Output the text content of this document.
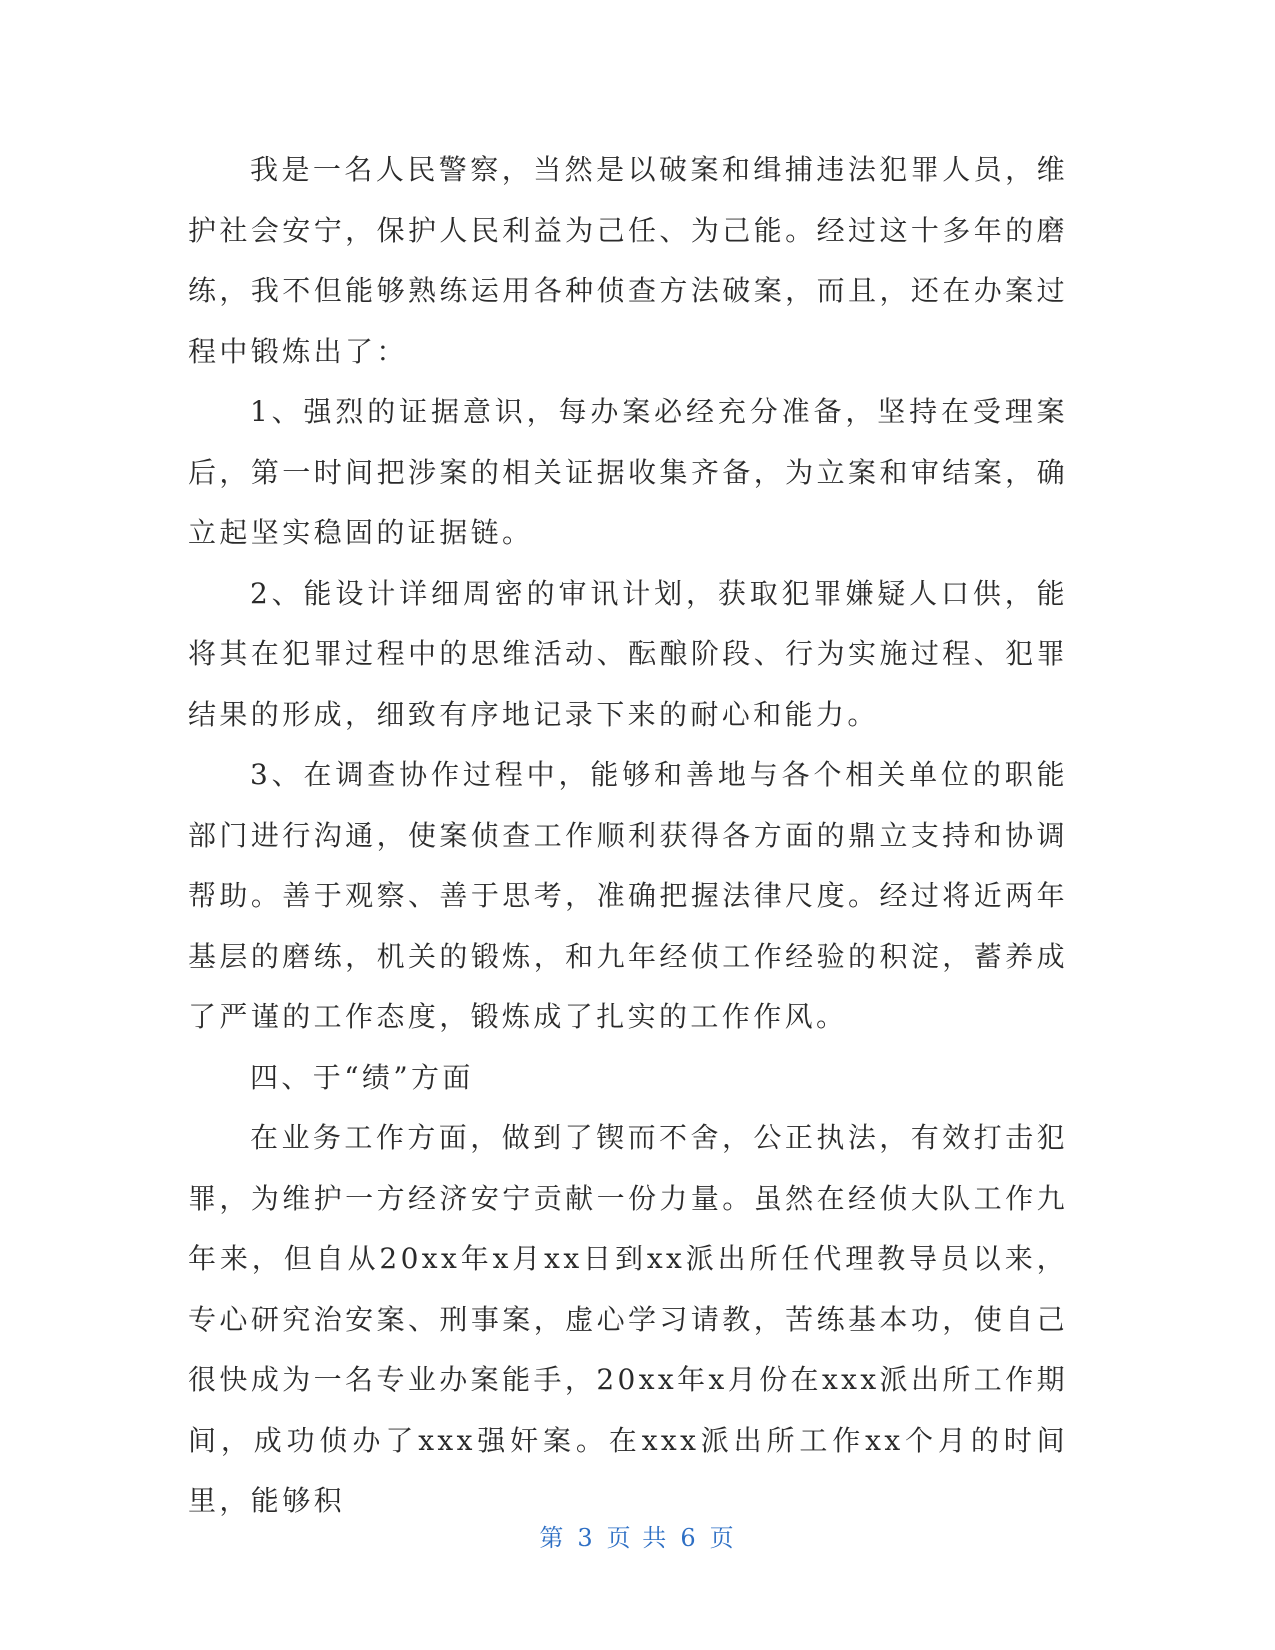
我是一名人民警察，当然是以破案和缉捕违法犯罪人员，维护社会安宁，保护人民利益为己任、为己能。经过这十多年的磨练，我不但能够熟练运用各种侦查方法破案，而且，还在办案过程中锻炼出了：

1、强烈的证据意识，每办案必经充分准备，坚持在受理案后，第一时间把涉案的相关证据收集齐备，为立案和审结案，确立起坚实稳固的证据链。

2、能设计详细周密的审讯计划，获取犯罪嫌疑人口供，能将其在犯罪过程中的思维活动、酝酿阶段、行为实施过程、犯罪结果的形成，细致有序地记录下来的耐心和能力。

3、在调查协作过程中，能够和善地与各个相关单位的职能部门进行沟通，使案侦查工作顺利获得各方面的鼎立支持和协调帮助。善于观察、善于思考，准确把握法律尺度。经过将近两年基层的磨练，机关的锻炼，和九年经侦工作经验的积淀，蓄养成了严谨的工作态度，锻炼成了扎实的工作作风。

四、于“绩”方面

在业务工作方面，做到了锲而不舍，公正执法，有效打击犯罪，为维护一方经济安宁贡献一份力量。虽然在经侦大队工作九年来，但自从20xx年x月xx日到xx派出所任代理教导员以来，专心研究治安案、刑事案，虚心学习请教，苦练基本功，使自己很快成为一名专业办案能手，20xx年x月份在xxx派出所工作期间，成功侦办了xxx强奸案。在xxx派出所工作xx个月的时间里，能够积

第 3 页 共 6 页
